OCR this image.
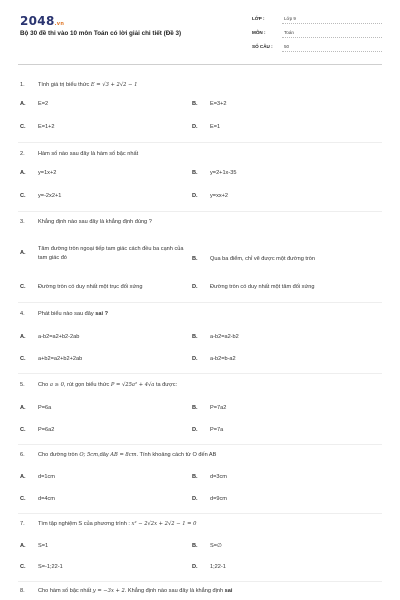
2048.vn
Bộ 30 đề thi vào 10 môn Toán có lời giải chi tiết (Đề 3)
LỚP :	Lớp 9
MÔN :	Toán
SỐ CÂU : 50
1. Tính giá trị biểu thức E = √3 + 2√2 − 1
A. E=2	B. E=3+2
C. E=1+2	D. E=1
2. Hàm số nào sau đây là hàm số bậc nhất
A. y=1x+2	B. y=2+1x-35
C. y=-2x2+1	D. y=xx+2
3. Khẳng định nào sau đây là khẳng định đúng ?
A.
Tâm đường tròn ngoại tiếp tam giác cách đều ba cạnh của tam giác đó	B. Qua ba điểm, chỉ vẽ được một đường tròn
C. Đường tròn có duy nhất một trục đối xứng	D. Đường tròn có duy nhất một tâm đối xứng
4. Phát biểu nào sau đây sai ?
A. a-b2=a2+b2-2ab	B. a-b2=a2-b2
C. a+b2=a2+b2+2ab	D. a-b2=b-a2
5. Cho a ≥ 0, rút gọn biểu thức P = √25a² + 4√a ta được:
A. P=6a	B. P=7a2
C. P=6a2	D. P=7a
6. Cho đường tròn O; 5cm,dây AB = 8cm. Tính khoảng cách từ O đến AB
A. d=1cm	B. d=3cm
C. d=4cm	D. d=9cm
7. Tìm tập nghiệm S của phương trình : x² − 2√2x + 2√2 − 1 = 0
A. S=1	B. S=∅
C. S=-1;22-1	D. 1;22-1
8. Cho hàm số bậc nhất y = −3x + 2. Khẳng định nào sau đây là khẳng định sai
